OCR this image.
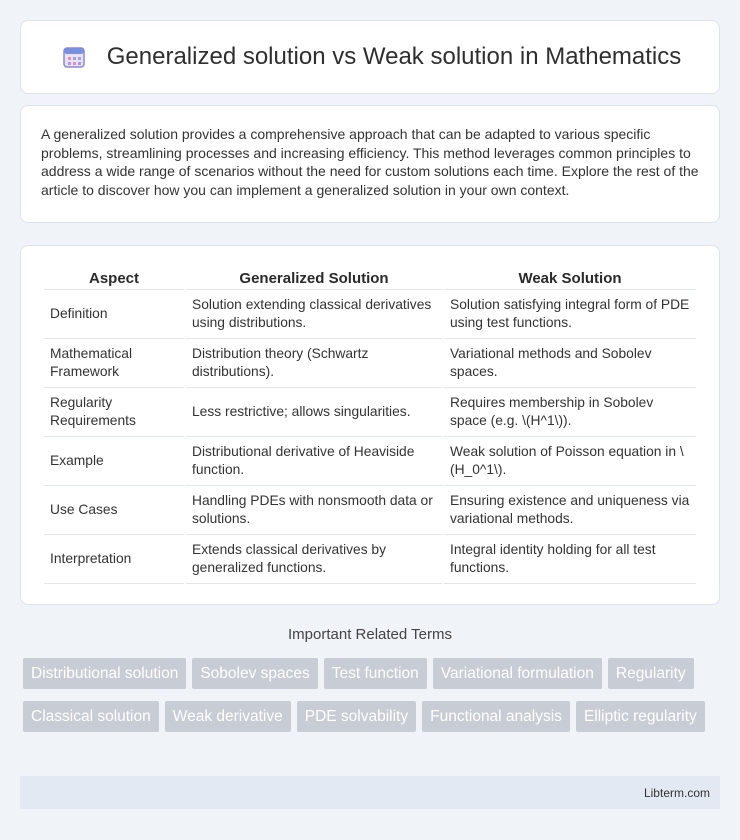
Generalized solution vs Weak solution in Mathematics

A generalized solution provides a comprehensive approach that can be adapted to various specific problems, streamlining processes and increasing efficiency. This method leverages common principles to address a wide range of scenarios without the need for custom solutions each time. Explore the rest of the article to discover how you can implement a generalized solution in your own context.

Aspect	Generalized Solution	Weak Solution
Definition	Solution extending classical derivatives using distributions.	Solution satisfying integral form of PDE using test functions.
Mathematical Framework	Distribution theory (Schwartz distributions).	Variational methods and Sobolev spaces.
Regularity Requirements	Less restrictive; allows singularities.	Requires membership in Sobolev space (e.g. \(H^1\)).
Example	Distributional derivative of Heaviside function.	Weak solution of Poisson equation in \(H_0^1\).
Use Cases	Handling PDEs with nonsmooth data or solutions.	Ensuring existence and uniqueness via variational methods.
Interpretation	Extends classical derivatives by generalized functions.	Integral identity holding for all test functions.
Important Related Terms
Distributional solution	Sobolev spaces	Test function	Variational formulation	Regularity
Classical solution	Weak derivative	PDE solvability	Functional analysis	Elliptic regularity
Libterm.com
